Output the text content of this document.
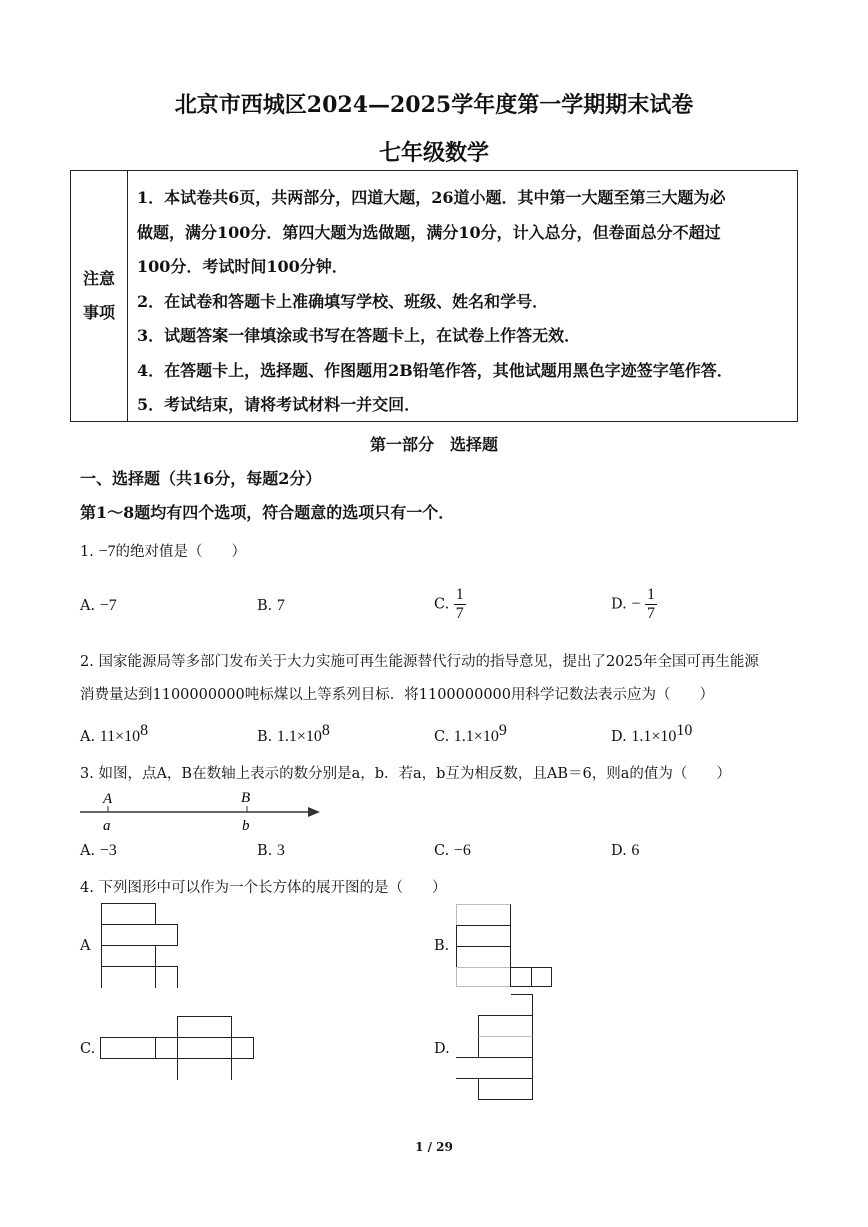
北京市西城区2024—2025学年度第一学期期末试卷
七年级数学
注意
事项
1．本试卷共6页，共两部分，四道大题，26道小题．其中第一大题至第三大题为必
做题，满分100分．第四大题为选做题，满分10分，计入总分，但卷面总分不超过
100分．考试时间100分钟．
2．在试卷和答题卡上准确填写学校、班级、姓名和学号．
3．试题答案一律填涂或书写在答题卡上，在试卷上作答无效．
4．在答题卡上，选择题、作图题用2B铅笔作答，其他试题用黑色字迹签字笔作答．
5．考试结束，请将考试材料一并交回．
第一部分　选择题
一、选择题（共16分，每题2分）
第1～8题均有四个选项，符合题意的选项只有一个．
1. −7的绝对值是（　　）
A. −7	B. 7	C. $\frac{1}{7}$	D. − $\frac{1}{7}$
2. 国家能源局等多部门发布关于大力实施可再生能源替代行动的指导意见，提出了2025年全国可再生能源
消费量达到1100000000吨标煤以上等系列目标．将1100000000用科学记数法表示应为（　　）
A. $11\times 10^8$	B. $1.1\times 10^8$	C. $1.1\times 10^9$	D. $1.1\times 10^{10}$
3. 如图，点A，B在数轴上表示的数分别是a，b．若a，b互为相反数，且AB＝6，则a的值为（　　）
A	B
a	b
A. −3	B. 3	C. −6	D. 6
4. 下列图形中可以作为一个长方体的展开图的是（　　）
A	B.
C.	D.
1 / 29
